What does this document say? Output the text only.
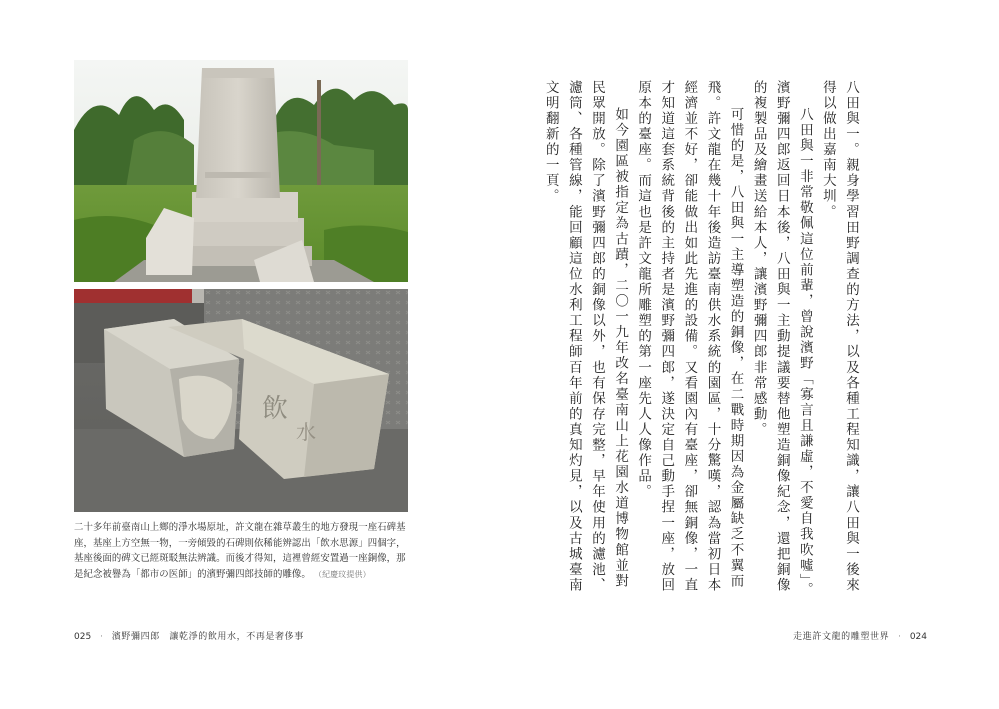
飲
水
二十多年前臺南山上鄉的淨水場原址，許文龍在雜草叢生的地方發現一座石碑基座，基座上方空無一物，一旁傾毀的石碑則依稀能辨認出「飲水思源」四個字，基座後面的碑文已經斑駁無法辨識。而後才得知，這裡曾經安置過一座銅像，那是紀念被譽為「都市の医師」的濱野彌四郎技師的雕像。 （紀慶玟提供）	八田與一。親身學習田野調查的方法，以及各種工程知識，讓八田與一後來得以做出嘉南大圳。

八田與一非常敬佩這位前輩，曾說濱野「寡言且謙虛，不愛自我吹噓」。濱野彌四郎返回日本後，八田與一主動提議要替他塑造銅像紀念，還把銅像的複製品及繪畫送給本人，讓濱野彌四郎非常感動。

可惜的是，八田與一主導塑造的銅像，在二戰時期因為金屬缺乏不翼而飛。許文龍在幾十年後造訪臺南供水系統的園區，十分驚嘆，認為當初日本經濟並不好，卻能做出如此先進的設備。又看園內有臺座，卻無銅像，一直才知道這套系統背後的主持者是濱野彌四郎，遂決定自己動手捏一座，放回原本的臺座。而這也是許文龍所雕塑的第一座先人人像作品。

如今園區被指定為古蹟，二〇一九年改名臺南山上花園水道博物館並對民眾開放。除了濱野彌四郎的銅像以外，也有保存完整，早年使用的濾池、濾筒、各種管線，能回顧這位水利工程師百年前的真知灼見，以及古城臺南文明翻新的一頁。

025 · 濱野彌四郎　讓乾淨的飲用水，不再是奢侈事	走進許文龍的雕塑世界 · 024
